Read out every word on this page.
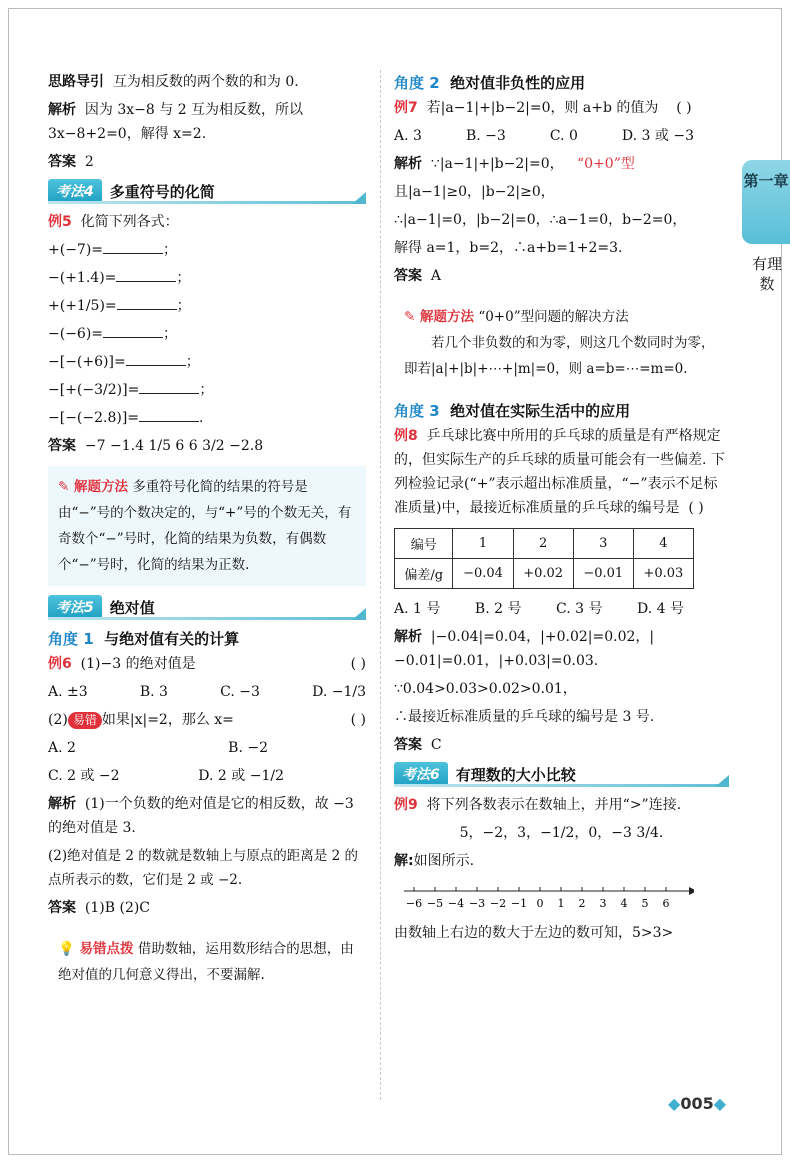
思路导引 互为相反数的两个数的和为 0.
解析 因为 3x−8 与 2 互为相反数，所以 3x−8+2=0，解得 x=2.
答案 2
考法4	多重符号的化简
例5 化简下列各式：
+(−7)=	；
−(+1.4)=	；
+(+1/5)=	；
−(−6)=	；
−[−(+6)]=	；
−[+(−3/2)]=	；
−[−(−2.8)]=	.
答案 −7 −1.4 1/5 6 6 3/2 −2.8
✎ 解题方法 多重符号化简的结果的符号是由“−”号的个数决定的，与“+”号的个数无关，有奇数个“−”号时，化简的结果为负数，有偶数个“−”号时，化简的结果为正数.
考法5	绝对值
角度 1 与绝对值有关的计算
例6 (1)−3 的绝对值是	( )
A. ±3	B. 3	C. −3	D. −1/3
(2) 易错 如果|x|=2，那么 x=	( )
A. 2	B. −2
C. 2 或 −2	D. 2 或 −1/2
解析 (1)一个负数的绝对值是它的相反数，故 −3 的绝对值是 3.
(2)绝对值是 2 的数就是数轴上与原点的距离是 2 的点所表示的数，它们是 2 或 −2.
答案 (1)B (2)C
💡 易错点拨 借助数轴，运用数形结合的思想，由绝对值的几何意义得出，不要漏解.
角度 2 绝对值非负性的应用
例7 若|a−1|+|b−2|=0，则 a+b 的值为 ( )
A. 3	B. −3	C. 0	D. 3 或 −3
解析 ∵|a−1|+|b−2|=0， “0+0”型
且|a−1|≥0，|b−2|≥0，
∴|a−1|=0，|b−2|=0，∴a−1=0，b−2=0，
解得 a=1，b=2，∴a+b=1+2=3.
答案 A
✎ 解题方法 “0+0”型问题的解决方法
若几个非负数的和为零，则这几个数同时为零，即若|a|+|b|+⋯+|m|=0，则 a=b=⋯=m=0.
角度 3 绝对值在实际生活中的应用
例8 乒乓球比赛中所用的乒乓球的质量是有严格规定的，但实际生产的乒乓球的质量可能会有一些偏差. 下列检验记录(“+”表示超出标准质量，“−”表示不足标准质量)中，最接近标准质量的乒乓球的编号是 ( )
编号	1	2	3	4
偏差/g	−0.04	+0.02	−0.01	+0.03
A. 1 号 B. 2 号 C. 3 号 D. 4 号
解析 |−0.04|=0.04，|+0.02|=0.02，|−0.01|=0.01，|+0.03|=0.03.
∵0.04>0.03>0.02>0.01，
∴最接近标准质量的乒乓球的编号是 3 号.
答案 C
考法6	有理数的大小比较
例9 将下列各数表示在数轴上，并用“>”连接.
5，−2，3，−1/2，0，−3 3/4.
解:如图所示.
−6 −5 −4 −3 −2 −1 0 1 2 3 4 5 6
由数轴上右边的数大于左边的数可知，5>3>
第一章
有理数
◆005◆
